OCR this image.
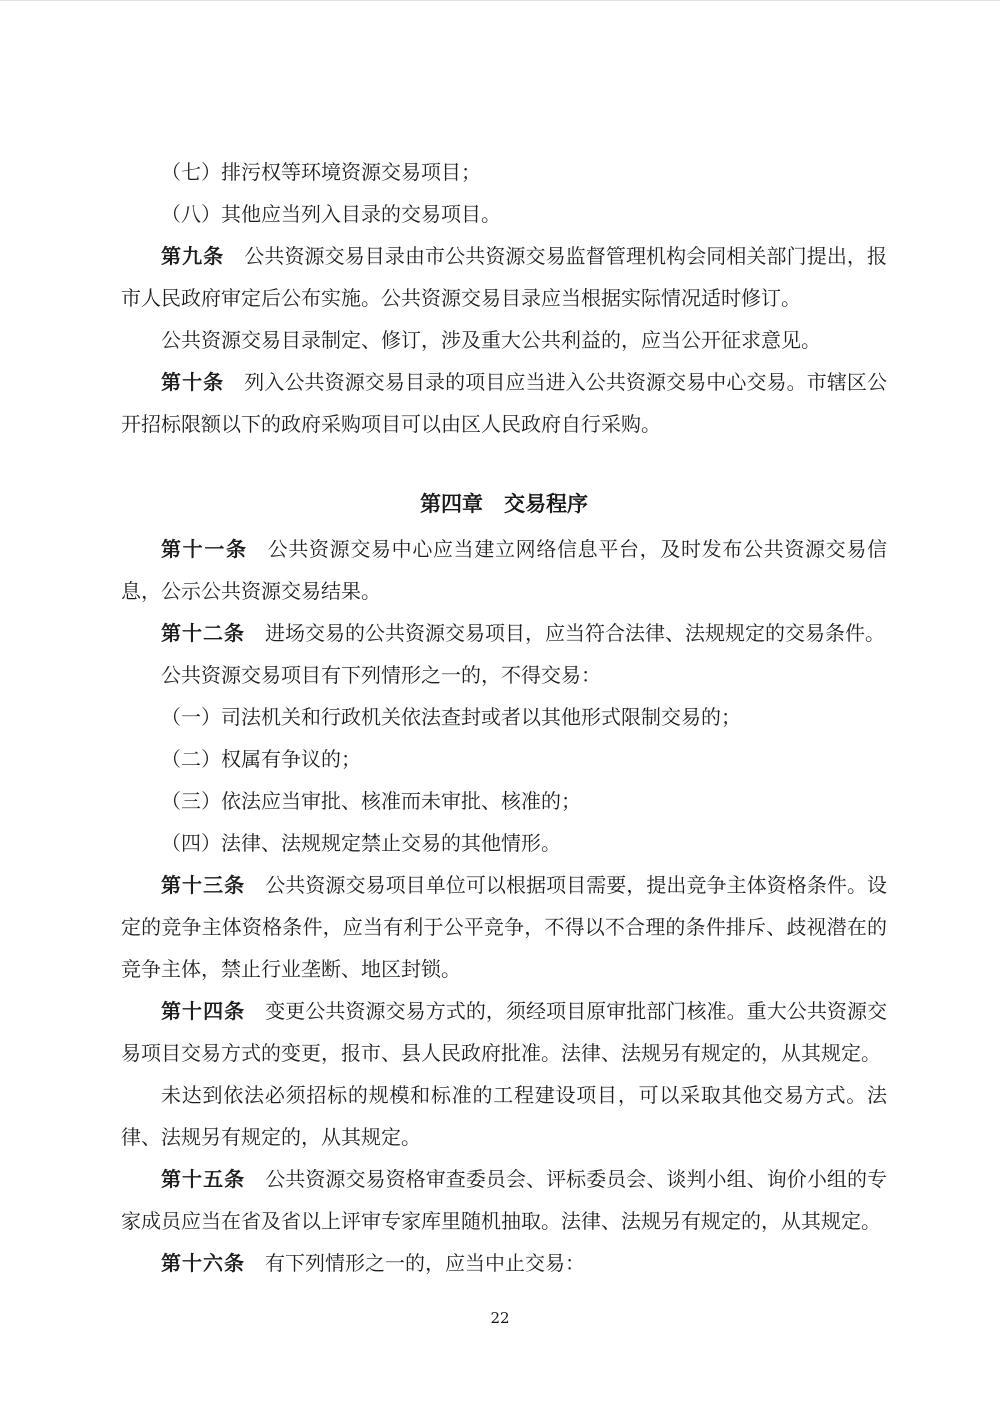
（七）排污权等环境资源交易项目；

（八）其他应当列入目录的交易项目。

第九条 公共资源交易目录由市公共资源交易监督管理机构会同相关部门提出，报市人民政府审定后公布实施。公共资源交易目录应当根据实际情况适时修订。

公共资源交易目录制定、修订，涉及重大公共利益的，应当公开征求意见。

第十条 列入公共资源交易目录的项目应当进入公共资源交易中心交易。市辖区公开招标限额以下的政府采购项目可以由区人民政府自行采购。

第四章 交易程序

第十一条 公共资源交易中心应当建立网络信息平台，及时发布公共资源交易信息，公示公共资源交易结果。

第十二条 进场交易的公共资源交易项目，应当符合法律、法规规定的交易条件。

公共资源交易项目有下列情形之一的，不得交易：

（一）司法机关和行政机关依法查封或者以其他形式限制交易的；

（二）权属有争议的；

（三）依法应当审批、核准而未审批、核准的；

（四）法律、法规规定禁止交易的其他情形。

第十三条 公共资源交易项目单位可以根据项目需要，提出竞争主体资格条件。设定的竞争主体资格条件，应当有利于公平竞争，不得以不合理的条件排斥、歧视潜在的竞争主体，禁止行业垄断、地区封锁。

第十四条 变更公共资源交易方式的，须经项目原审批部门核准。重大公共资源交易项目交易方式的变更，报市、县人民政府批准。法律、法规另有规定的，从其规定。

未达到依法必须招标的规模和标准的工程建设项目，可以采取其他交易方式。法律、法规另有规定的，从其规定。

第十五条 公共资源交易资格审查委员会、评标委员会、谈判小组、询价小组的专家成员应当在省及省以上评审专家库里随机抽取。法律、法规另有规定的，从其规定。

第十六条 有下列情形之一的，应当中止交易：

22
